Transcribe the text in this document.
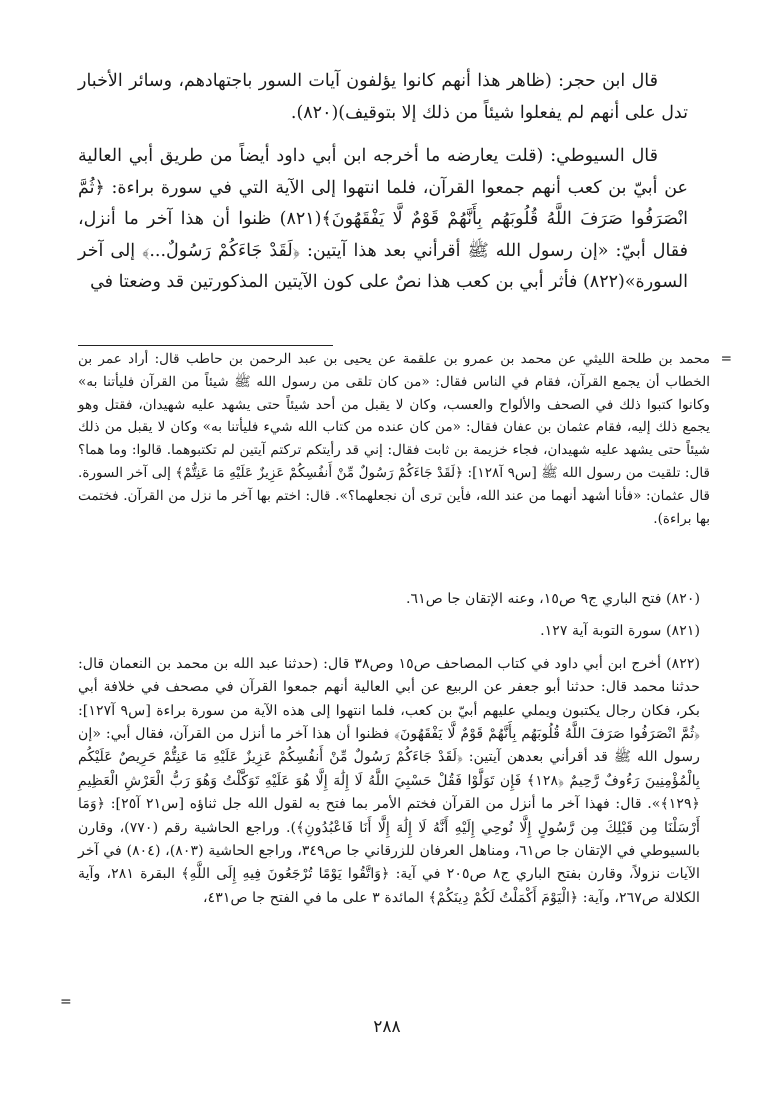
قال ابن حجر: (ظاهر هذا أنهم كانوا يؤلفون آيات السور باجتهادهم، وسائر الأخبار تدل على أنهم لم يفعلوا شيئاً من ذلك إلا بتوقيف)(٨٢٠).

قال السيوطي: (قلت يعارضه ما أخرجه ابن أبي داود أيضاً من طريق أبي العالية عن أبيّ بن كعب أنهم جمعوا القرآن، فلما انتهوا إلى الآية التي في سورة براءة: ﴿ثُمَّ انْصَرَفُوا صَرَفَ اللَّهُ قُلُوبَهُم بِأَنَّهُمْ قَوْمٌ لَّا يَفْقَهُونَ﴾(٨٢١) ظنوا أن هذا آخر ما أنزل، فقال أبيّ: «إن رسول الله ﷺ أقرأني بعد هذا آيتين: ﴿لَقَدْ جَاءَكُمْ رَسُولٌ...﴾ إلى آخر السورة»(٨٢٢) فأثر أبي بن كعب هذا نصٌ على كون الآيتين المذكورتين قد وضعتا في

=
محمد بن طلحة الليثي عن محمد بن عمرو بن علقمة عن يحيى بن عبد الرحمن بن حاطب قال: أراد عمر بن الخطاب أن يجمع القرآن، فقام في الناس فقال: «من كان تلقى من رسول الله ﷺ شيئاً من القرآن فليأتنا به» وكانوا كتبوا ذلك في الصحف والألواح والعسب، وكان لا يقبل من أحد شيئاً حتى يشهد عليه شهيدان، فقتل وهو يجمع ذلك إليه، فقام عثمان بن عفان فقال: «من كان عنده من كتاب الله شيء فليأتنا به» وكان لا يقبل من ذلك شيئاً حتى يشهد عليه شهيدان، فجاء خزيمة بن ثابت فقال: إني قد رأيتكم تركتم آيتين لم تكتبوهما. قالوا: وما هما؟ قال: تلقيت من رسول الله ﷺ [س٩ آ١٢٨]: ﴿لَقَدْ جَاءَكُمْ رَسُولٌ مِّنْ أَنفُسِكُمْ عَزِيزٌ عَلَيْهِ مَا عَنِتُّمْ﴾ إلى آخر السورة. قال عثمان: «فأنا أشهد أنهما من عند الله، فأين ترى أن نجعلهما؟». قال: اختم بها آخر ما نزل من القرآن. فختمت بها براءة).
(٨٢٠) فتح الباري ج٩ ص١٥، وعنه الإتقان جا ص٦١.
(٨٢١) سورة التوبة آية ١٢٧.
(٨٢٢) أخرج ابن أبي داود في كتاب المصاحف ص١٥ وص٣٨ قال: (حدثنا عبد الله بن محمد بن النعمان قال: حدثنا محمد قال: حدثنا أبو جعفر عن الربيع عن أبي العالية أنهم جمعوا القرآن في مصحف في خلافة أبي بكر، فكان رجال يكتبون ويملي عليهم أبيّ بن كعب، فلما انتهوا إلى هذه الآية من سورة براءة [س٩ آ١٢٧]: ﴿ثُمَّ انْصَرَفُوا صَرَفَ اللَّهُ قُلُوبَهُم بِأَنَّهُمْ قَوْمٌ لَّا يَفْقَهُونَ﴾ فظنوا أن هذا آخر ما أنزل من القرآن، فقال أبي: «إن رسول الله ﷺ قد أقرأني بعدهن آيتين: ﴿لَقَدْ جَاءَكُمْ رَسُولٌ مِّنْ أَنفُسِكُمْ عَزِيزٌ عَلَيْهِ مَا عَنِتُّمْ حَرِيصٌ عَلَيْكُم بِالْمُؤْمِنِينَ رَءُوفٌ رَّحِيمٌ ﴿١٢٨﴾ فَإِن تَوَلَّوْا فَقُلْ حَسْبِيَ اللَّهُ لَا إِلَٰهَ إِلَّا هُوَ عَلَيْهِ تَوَكَّلْتُ وَهُوَ رَبُّ الْعَرْشِ الْعَظِيمِ ﴿١٢٩﴾». قال: فهذا آخر ما أنزل من القرآن فختم الأمر بما فتح به لقول الله جل ثناؤه [س٢١ آ٢٥]: ﴿وَمَا أَرْسَلْنَا مِن قَبْلِكَ مِن رَّسُولٍ إِلَّا نُوحِي إِلَيْهِ أَنَّهُ لَا إِلَٰهَ إِلَّا أَنَا فَاعْبُدُونِ﴾). وراجع الحاشية رقم (٧٧٠)، وقارن بالسيوطي في الإتقان جا ص٦١، ومناهل العرفان للزرقاني جا ص٣٤٩، وراجع الحاشية (٨٠٣)، (٨٠٤) في آخر الآيات نزولاً، وقارن بفتح الباري ج٨ ص٢٠٥ في آية: ﴿وَاتَّقُوا يَوْمًا تُرْجَعُونَ فِيهِ إِلَى اللَّهِ﴾ البقرة ٢٨١، وآية الكلالة ص٢٦٧، وآية: ﴿الْيَوْمَ أَكْمَلْتُ لَكُمْ دِينَكُمْ﴾ المائدة ٣ على ما في الفتح جا ص٤٣١،
=
٢٨٨
